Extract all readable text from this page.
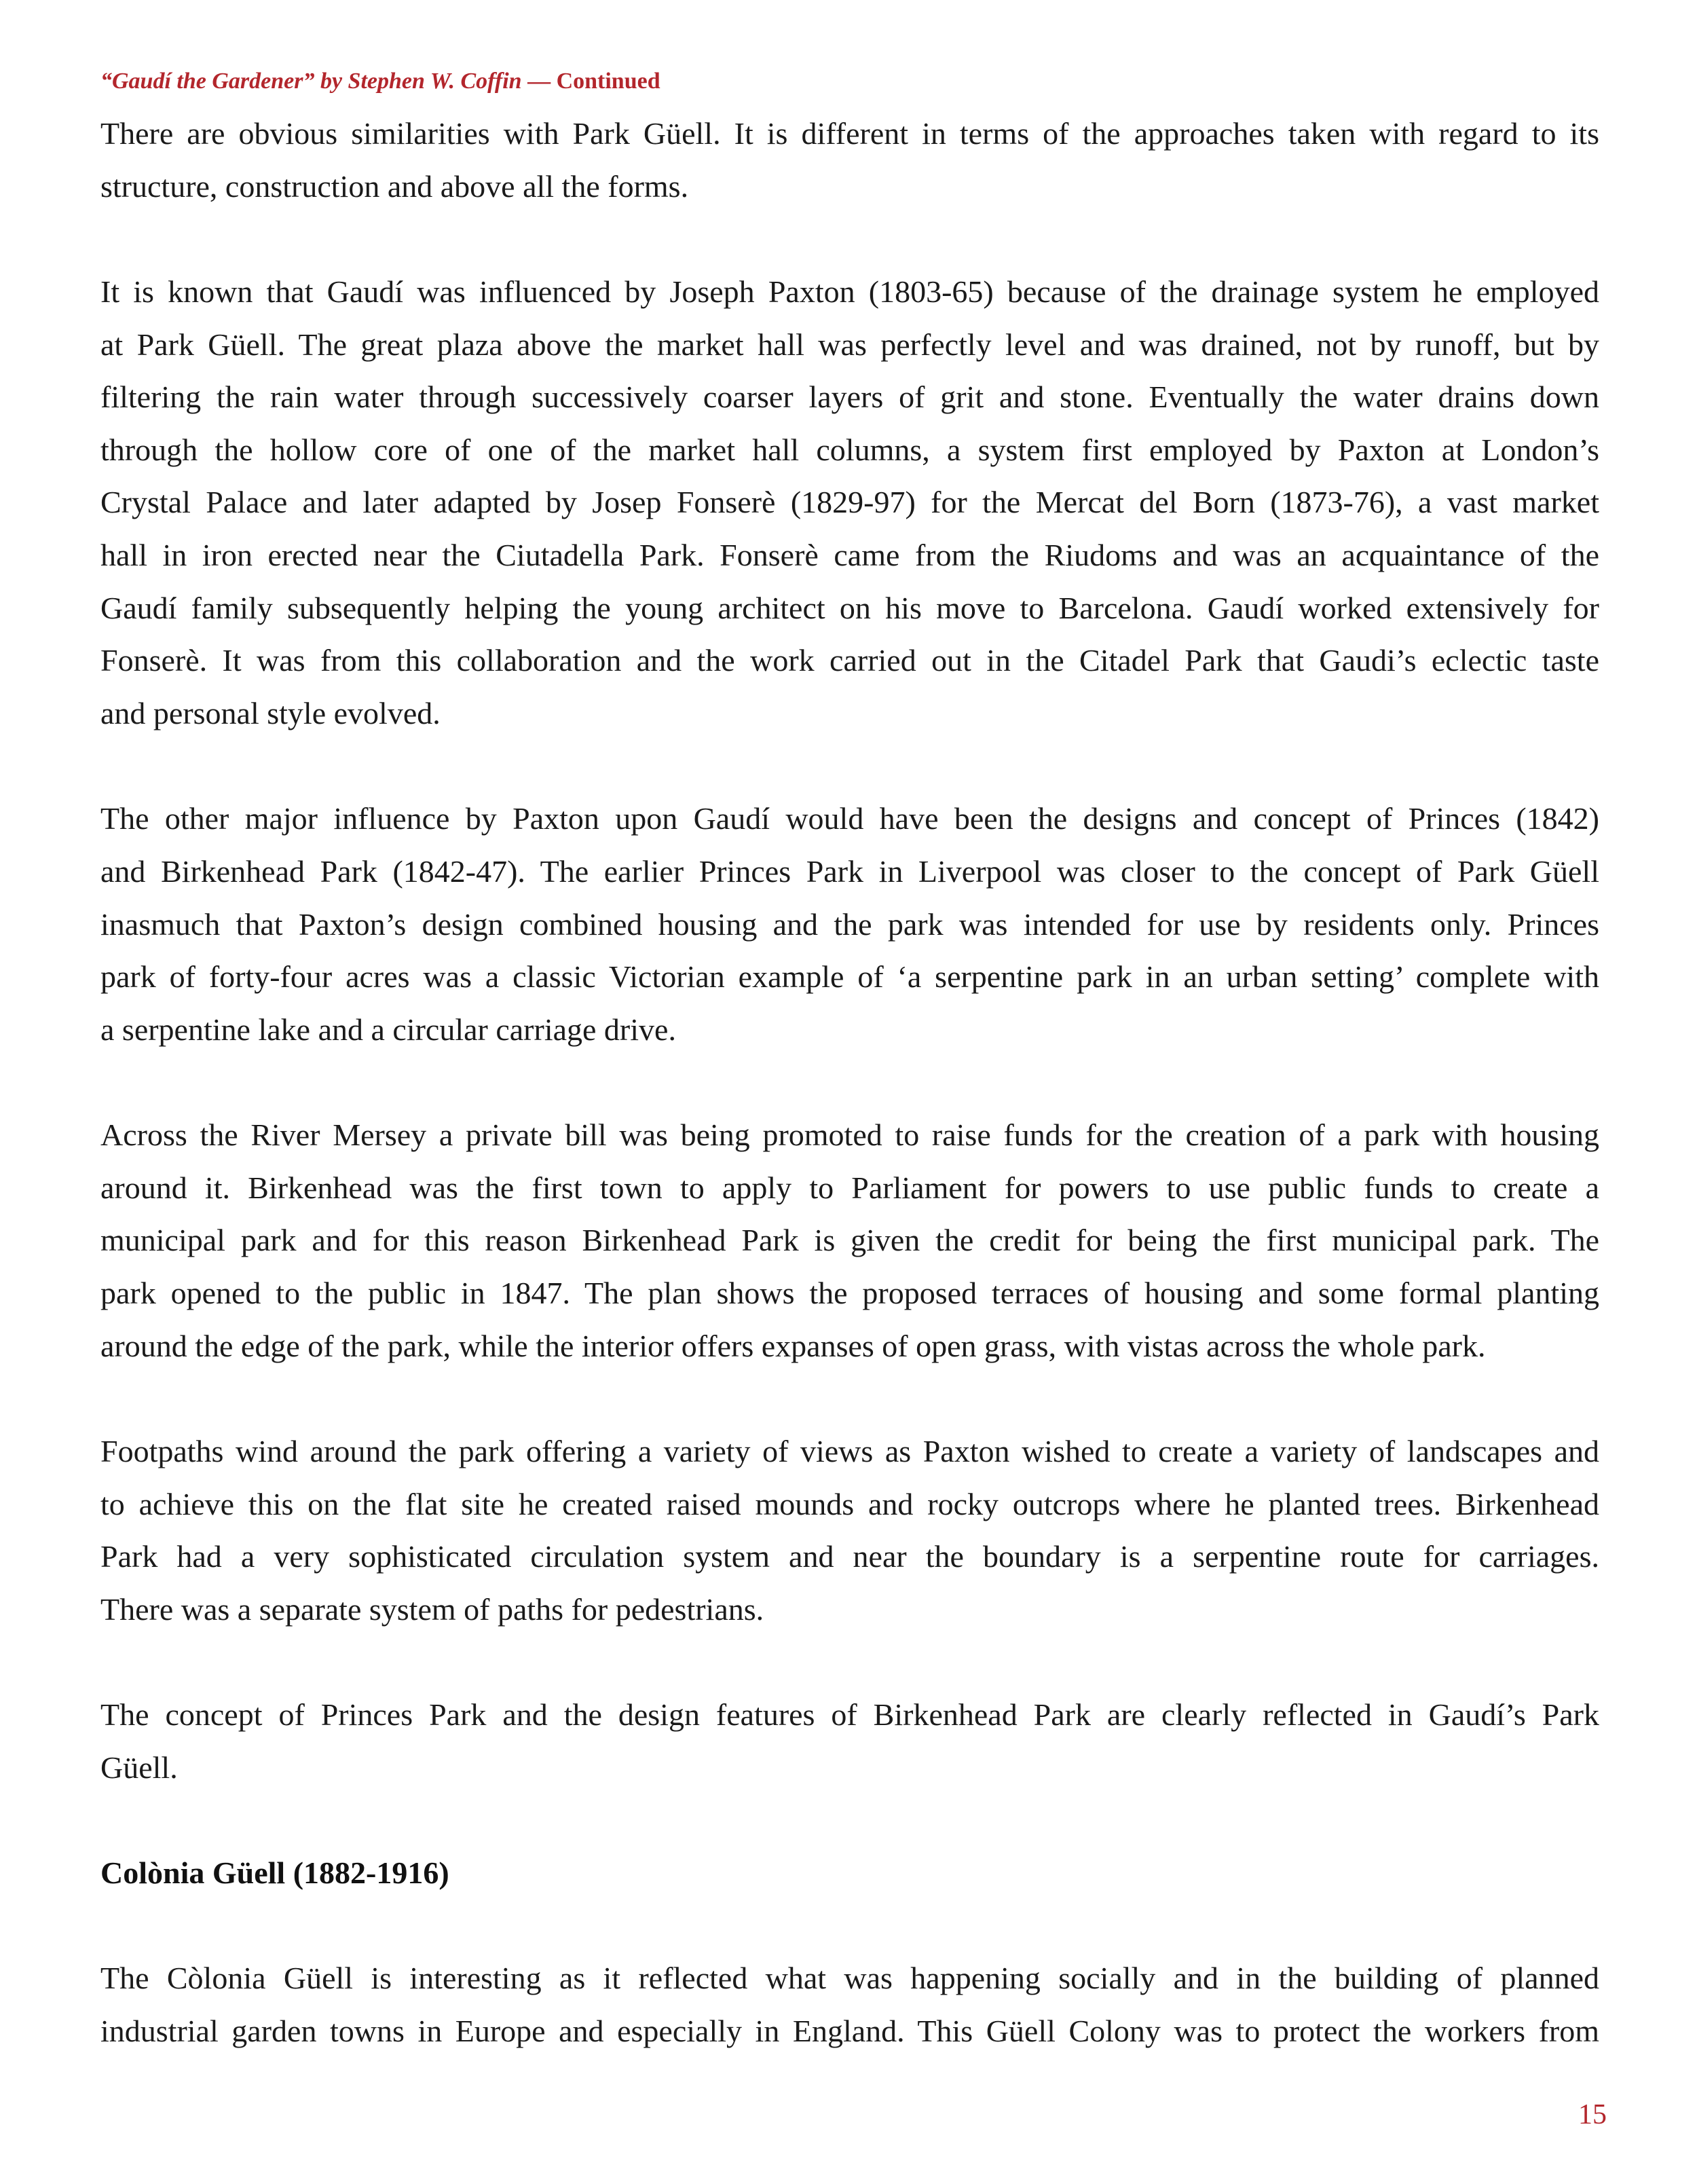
“Gaudí the Gardener” by Stephen W. Coffin — Continued

There are obvious similarities with Park Güell. It is different in terms of the approaches taken with regard to its
structure, construction and above all the forms.

It is known that Gaudí was influenced by Joseph Paxton (1803-65) because of the drainage system he employed
at Park Güell. The great plaza above the market hall was perfectly level and was drained, not by runoff, but by
filtering the rain water through successively coarser layers of grit and stone. Eventually the water drains down
through the hollow core of one of the market hall columns, a system first employed by Paxton at London’s
Crystal Palace and later adapted by Josep Fonserè (1829-97) for the Mercat del Born (1873-76), a vast market
hall in iron erected near the Ciutadella Park. Fonserè came from the Riudoms and was an acquaintance of the
Gaudí family subsequently helping the young architect on his move to Barcelona. Gaudí worked extensively for
Fonserè. It was from this collaboration and the work carried out in the Citadel Park that Gaudi’s eclectic taste
and personal style evolved.

The other major influence by Paxton upon Gaudí would have been the designs and concept of Princes (1842)
and Birkenhead Park (1842-47). The earlier Princes Park in Liverpool was closer to the concept of Park Güell
inasmuch that Paxton’s design combined housing and the park was intended for use by residents only. Princes
park of forty-four acres was a classic Victorian example of ‘a serpentine park in an urban setting’ complete with
a serpentine lake and a circular carriage drive.

Across the River Mersey a private bill was being promoted to raise funds for the creation of a park with housing
around it. Birkenhead was the first town to apply to Parliament for powers to use public funds to create a
municipal park and for this reason Birkenhead Park is given the credit for being the first municipal park. The
park opened to the public in 1847. The plan shows the proposed terraces of housing and some formal planting
around the edge of the park, while the interior offers expanses of open grass, with vistas across the whole park.

Footpaths wind around the park offering a variety of views as Paxton wished to create a variety of landscapes and
to achieve this on the flat site he created raised mounds and rocky outcrops where he planted trees. Birkenhead
Park had a very sophisticated circulation system and near the boundary is a serpentine route for carriages.
There was a separate system of paths for pedestrians.

The concept of Princes Park and the design features of Birkenhead Park are clearly reflected in Gaudí’s Park
Güell.

Colònia Güell (1882-1916)

The Còlonia Güell is interesting as it reflected what was happening socially and in the building of planned
industrial garden towns in Europe and especially in England. This Güell Colony was to protect the workers from

15
